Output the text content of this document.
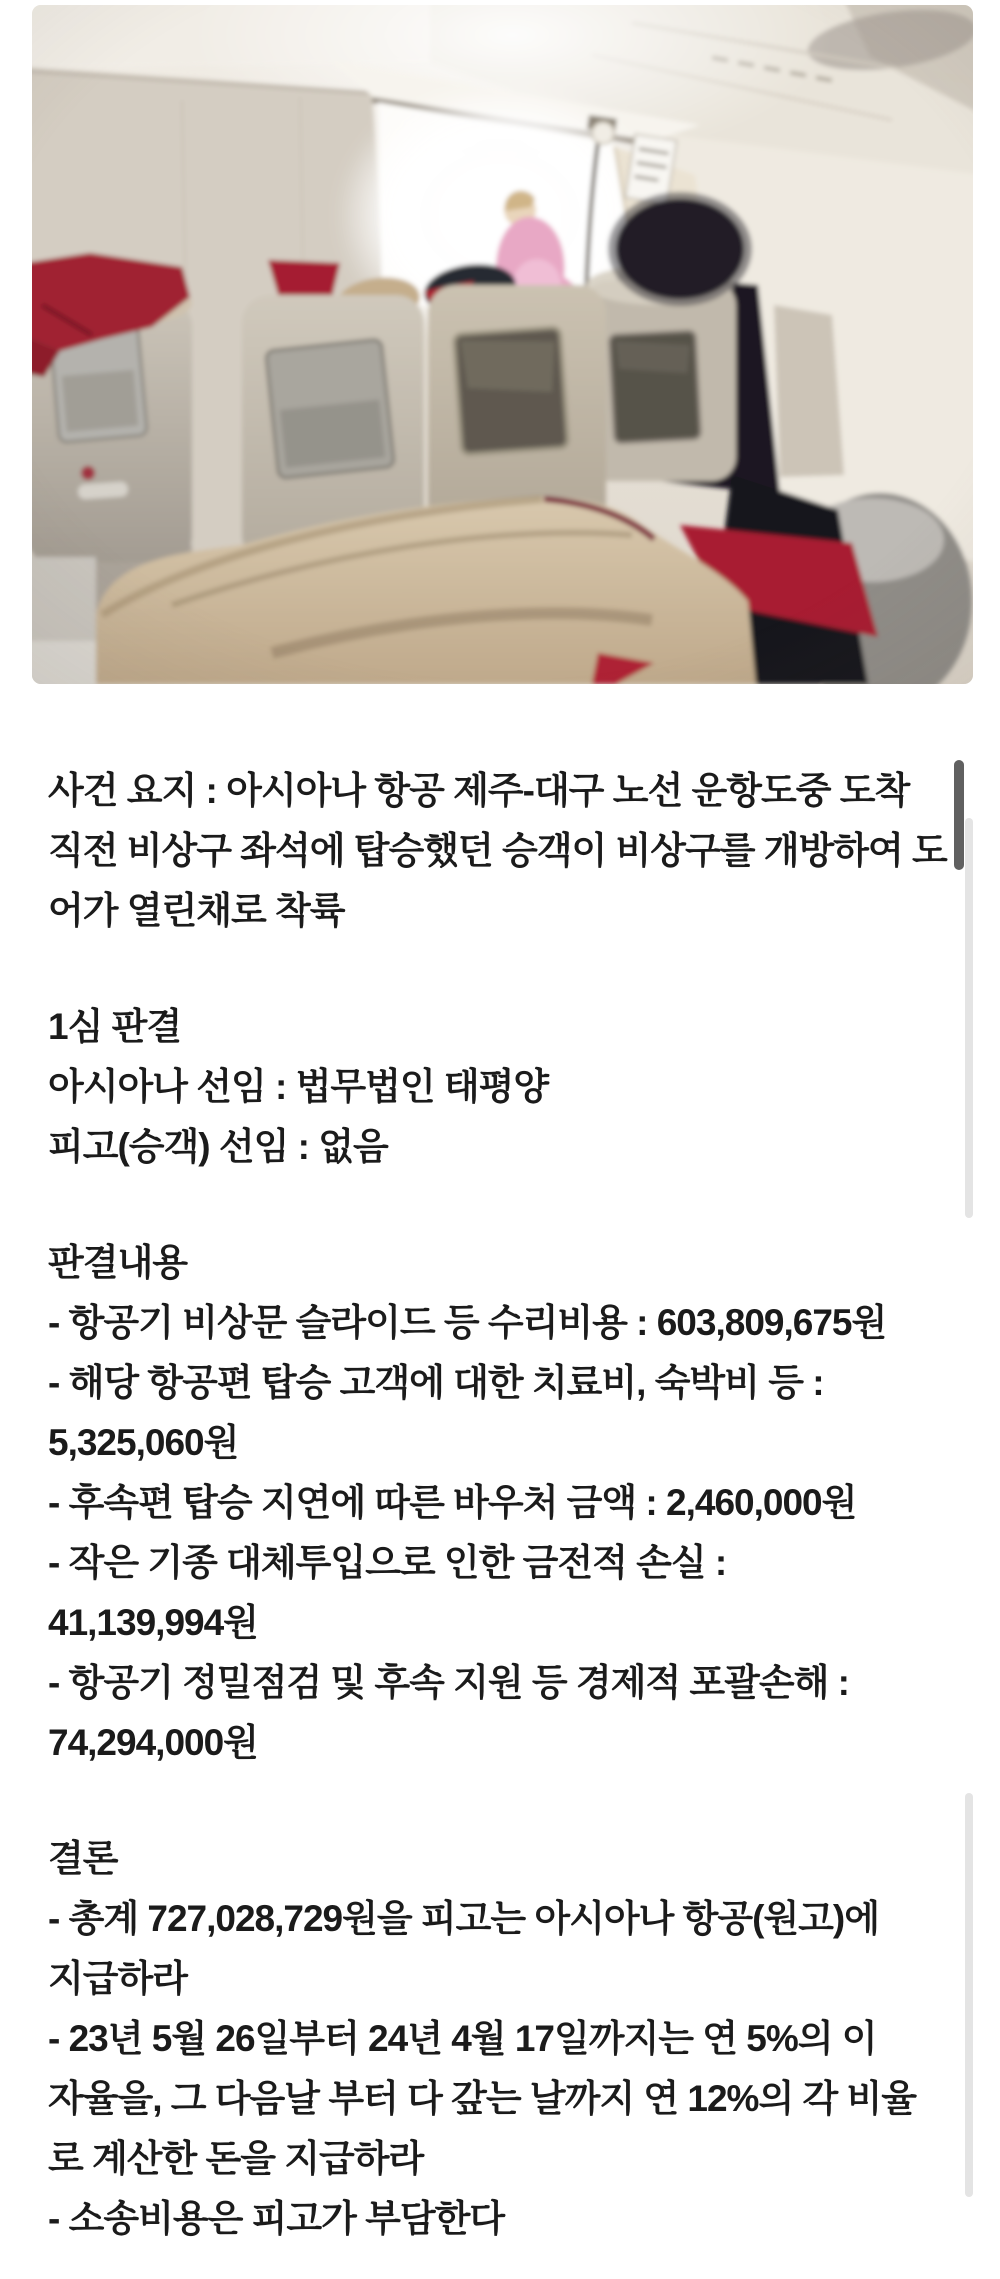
사건 요지 : 아시아나 항공 제주-대구 노선 운항도중 도착
직전 비상구 좌석에 탑승했던 승객이 비상구를 개방하여 도
어가 열린채로 착륙
1심 판결
아시아나 선임 : 법무법인 태평양
피고(승객) 선임 : 없음
판결내용
- 항공기 비상문 슬라이드 등 수리비용 : 603,809,675원
- 해당 항공편 탑승 고객에 대한 치료비, 숙박비 등 :
5,325,060원
- 후속편 탑승 지연에 따른 바우처 금액 : 2,460,000원
- 작은 기종 대체투입으로 인한 금전적 손실 :
41,139,994원
- 항공기 정밀점검 및 후속 지원 등 경제적 포괄손해 :
74,294,000원
결론
- 총계 727,028,729원을 피고는 아시아나 항공(원고)에
지급하라
- 23년 5월 26일부터 24년 4월 17일까지는 연 5%의 이
자율을, 그 다음날 부터 다 갚는 날까지 연 12%의 각 비율
로 계산한 돈을 지급하라
- 소송비용은 피고가 부담한다
